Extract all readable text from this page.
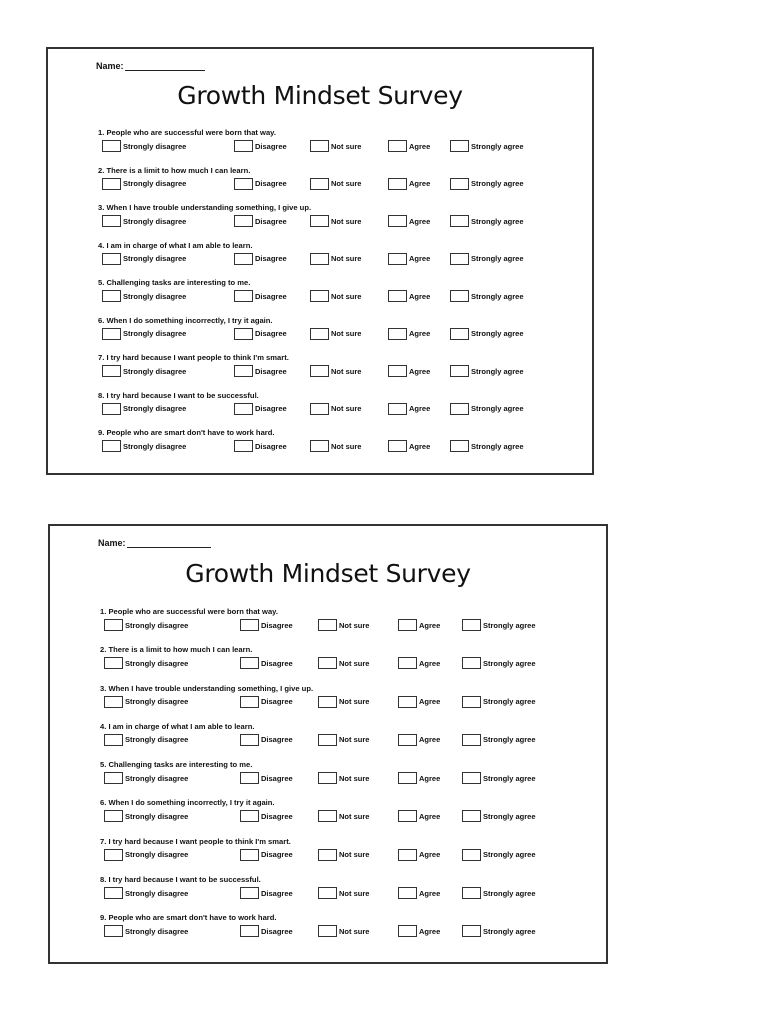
Name:
Growth Mindset Survey
1. People who are successful were born that way.
Strongly disagree	Disagree	Not sure	Agree	Strongly agree
2. There is a limit to how much I can learn.
Strongly disagree	Disagree	Not sure	Agree	Strongly agree
3. When I have trouble understanding something, I give up.
Strongly disagree	Disagree	Not sure	Agree	Strongly agree
4. I am in charge of what I am able to learn.
Strongly disagree	Disagree	Not sure	Agree	Strongly agree
5. Challenging tasks are interesting to me.
Strongly disagree	Disagree	Not sure	Agree	Strongly agree
6. When I do something incorrectly, I try it again.
Strongly disagree	Disagree	Not sure	Agree	Strongly agree
7. I try hard because I want people to think I'm smart.
Strongly disagree	Disagree	Not sure	Agree	Strongly agree
8. I try hard because I want to be successful.
Strongly disagree	Disagree	Not sure	Agree	Strongly agree
9. People who are smart don't have to work hard.
Strongly disagree	Disagree	Not sure	Agree	Strongly agree
Name:
Growth Mindset Survey
1. People who are successful were born that way.
Strongly disagree	Disagree	Not sure	Agree	Strongly agree
2. There is a limit to how much I can learn.
Strongly disagree	Disagree	Not sure	Agree	Strongly agree
3. When I have trouble understanding something, I give up.
Strongly disagree	Disagree	Not sure	Agree	Strongly agree
4. I am in charge of what I am able to learn.
Strongly disagree	Disagree	Not sure	Agree	Strongly agree
5. Challenging tasks are interesting to me.
Strongly disagree	Disagree	Not sure	Agree	Strongly agree
6. When I do something incorrectly, I try it again.
Strongly disagree	Disagree	Not sure	Agree	Strongly agree
7. I try hard because I want people to think I'm smart.
Strongly disagree	Disagree	Not sure	Agree	Strongly agree
8. I try hard because I want to be successful.
Strongly disagree	Disagree	Not sure	Agree	Strongly agree
9. People who are smart don't have to work hard.
Strongly disagree	Disagree	Not sure	Agree	Strongly agree
